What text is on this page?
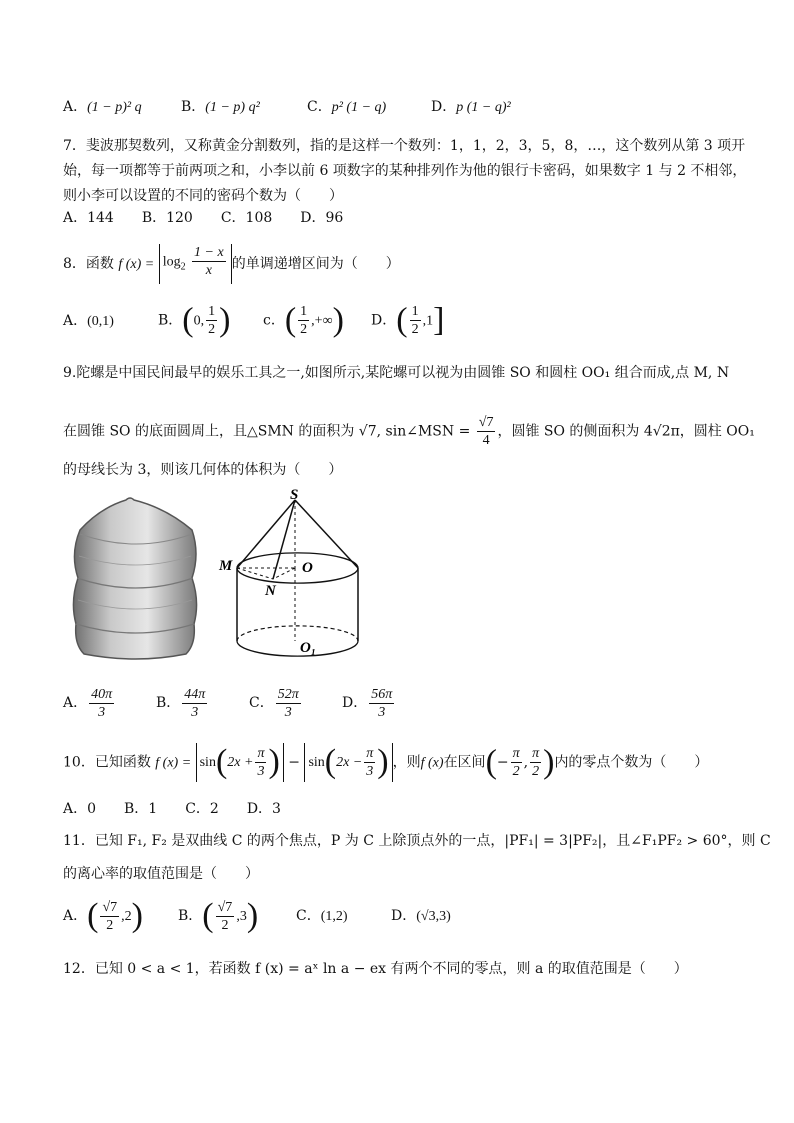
A．(1 − p)² q	B．(1 − p) q²	C．p² (1 − q)	D．p (1 − q)²
7．斐波那契数列，又称黄金分割数列，指的是这样一个数列：1，1，2，3，5，8，…，这个数列从第 3 项开
始，每一项都等于前两项之和，小李以前 6 项数字的某种排列作为他的银行卡密码，如果数字 1 与 2 不相邻，
则小李可以设置的不同的密码个数为（　　）
A．144　　B．120　　C．108　　D．96
8．函数 f $(x) = \log_2 \frac{1 - x}{x}$ 的单调递增区间为（　　）
A．(0,1)	B．(0, $\frac{1}{2}$ ) c．( $\frac{1}{2}$ ,+∞) D．( $\frac{1}{2} ,1$]
9.陀螺是中国民间最早的娱乐工具之一,如图所示,某陀螺可以视为由圆锥 SO 和圆柱 OO₁ 组合而成,点 M, N
在圆锥 SO 的底面圆周上，且△SMN 的面积为 √7, sin∠MSN = $\frac{√7}{4}$ ，圆锥 SO 的侧面积为 4√2π，圆柱 OO₁
的母线长为 3，则该几何体的体积为（　　）
S
M	O
N
O₁
A． $\frac{40\pi}{3}$	B． $\frac{44\pi}{3}$	C． $\frac{52\pi}{3}$	D． $\frac{56\pi}{3}$
10．已知函数 f $(x) = \sin(2x + \frac{\pi}{3}$ ) − $\sin(2x - \frac{\pi}{3}$ ) ，则f (x)在区间(− $\frac{\pi}{2}$ , $\frac{\pi}{2}$ )内的零点个数为（　　）
A．0　　B．1　　C．2　　D．3
11．已知 F₁, F₂ 是双曲线 C 的两个焦点，P 为 C 上除顶点外的一点，|PF₁| = 3|PF₂|，且∠F₁PF₂ > 60°，则 C
的离心率的取值范围是（　　）
A．( $\frac{√7}{2} ,2$)	B．( $\frac{√7}{2} ,3$)	C．(1,2)	D．(√3,3)
12．已知 0 < a < 1，若函数 f (x) = aˣ ln a − ex 有两个不同的零点，则 a 的取值范围是（　　）
